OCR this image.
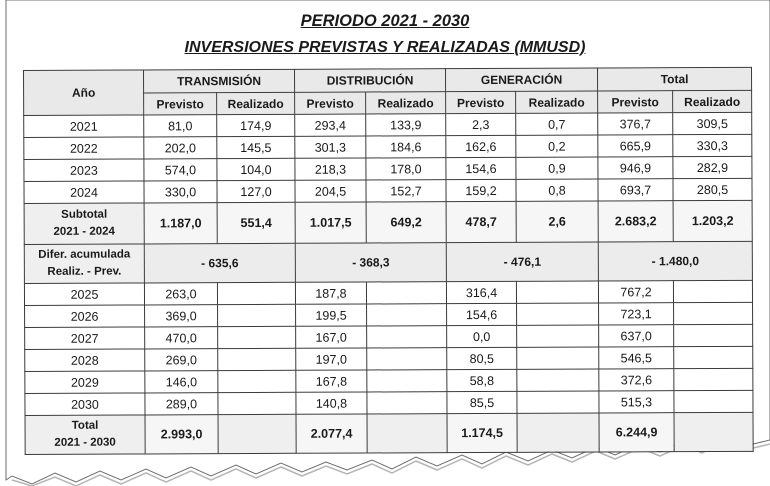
PERIODO 2021 - 2030
INVERSIONES PREVISTAS Y REALIZADAS (MMUSD)
Año	TRANSMISIÓN		DISTRIBUCIÓN		GENERACIÓN		Total	
	Previsto	Realizado	Previsto	Realizado	Previsto	Realizado	Previsto	Realizado
2021	81,0	174,9	293,4	133,9	2,3	0,7	376,7	309,5
2022	202,0	145,5	301,3	184,6	162,6	0,2	665,9	330,3
2023	574,0	104,0	218,3	178,0	154,6	0,9	946,9	282,9
2024	330,0	127,0	204,5	152,7	159,2	0,8	693,7	280,5
Subtotal
2021 - 2024	1.187,0	551,4	1.017,5	649,2	478,7	2,6	2.683,2	1.203,2
Difer. acumulada
Realiz. - Prev.	- 635,6		- 368,3		- 476,1		- 1.480,0	
2025	263,0		187,8		316,4		767,2	
2026	369,0		199,5		154,6		723,1	
2027	470,0		167,0		0,0		637,0	
2028	269,0		197,0		80,5		546,5	
2029	146,0		167,8		58,8		372,6	
2030	289,0		140,8		85,5		515,3	
Total
2021 - 2030	2.993,0		2.077,4		1.174,5		6.244,9	
